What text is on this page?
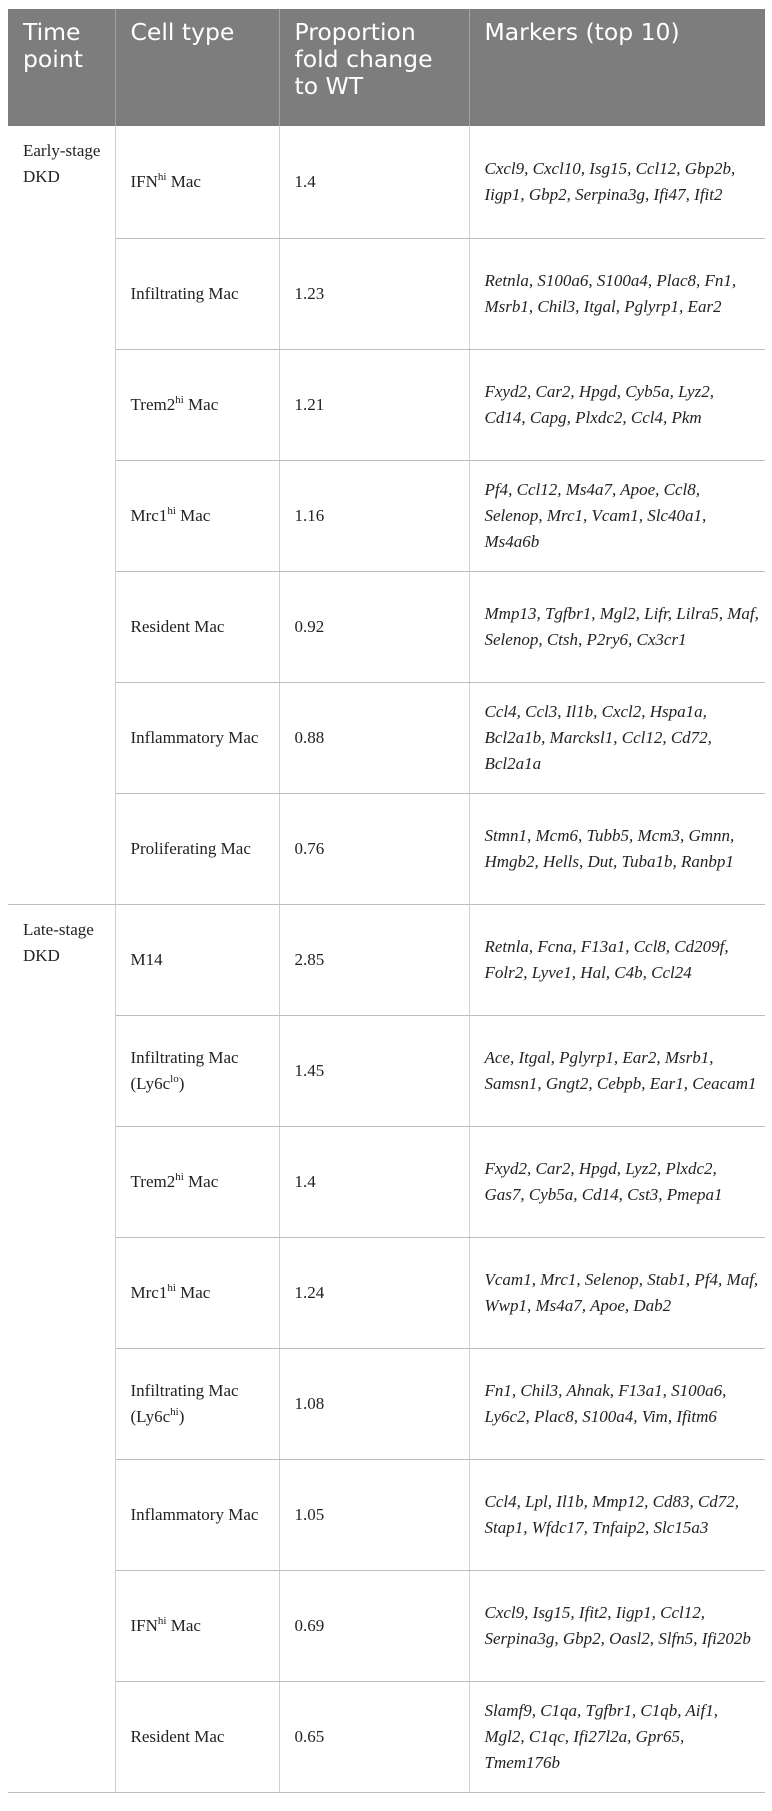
Time point	Cell type	Proportion fold change to WT	Markers (top 10)
Early-stage DKD	$IFN^{hi}$ Mac	1.4	Cxcl9, Cxcl10, Isg15, Ccl12, Gbp2b, Iigp1, Gbp2, Serpina3g, Ifi47, Ifit2
	Infiltrating Mac	1.23	Retnla, S100a6, S100a4, Plac8, Fn1, Msrb1, Chil3, Itgal, Pglyrp1, Ear2
	$Trem2^{hi}$ Mac	1.21	Fxyd2, Car2, Hpgd, Cyb5a, Lyz2, Cd14, Capg, Plxdc2, Ccl4, Pkm
	$Mrc1^{hi}$ Mac	1.16	Pf4, Ccl12, Ms4a7, Apoe, Ccl8, Selenop, Mrc1, Vcam1, Slc40a1, Ms4a6b
	Resident Mac	0.92	Mmp13, Tgfbr1, Mgl2, Lifr, Lilra5, Maf, Selenop, Ctsh, P2ry6, Cx3cr1
	Inflammatory Mac	0.88	Ccl4, Ccl3, Il1b, Cxcl2, Hspa1a, Bcl2a1b, Marcksl1, Ccl12, Cd72, Bcl2a1a
	Proliferating Mac	0.76	Stmn1, Mcm6, Tubb5, Mcm3, Gmnn, Hmgb2, Hells, Dut, Tuba1b, Ranbp1
Late-stage DKD	M14	2.85	Retnla, Fcna, F13a1, Ccl8, Cd209f, Folr2, Lyve1, Hal, C4b, Ccl24
	Infiltrating Mac $(Ly6c^{lo})$	1.45	Ace, Itgal, Pglyrp1, Ear2, Msrb1, Samsn1, Gngt2, Cebpb, Ear1, Ceacam1
	$Trem2^{hi}$ Mac	1.4	Fxyd2, Car2, Hpgd, Lyz2, Plxdc2, Gas7, Cyb5a, Cd14, Cst3, Pmepa1
	$Mrc1^{hi}$ Mac	1.24	Vcam1, Mrc1, Selenop, Stab1, Pf4, Maf, Wwp1, Ms4a7, Apoe, Dab2
	Infiltrating Mac $(Ly6c^{hi})$	1.08	Fn1, Chil3, Ahnak, F13a1, S100a6, Ly6c2, Plac8, S100a4, Vim, Ifitm6
	Inflammatory Mac	1.05	Ccl4, Lpl, Il1b, Mmp12, Cd83, Cd72, Stap1, Wfdc17, Tnfaip2, Slc15a3
	$IFN^{hi}$ Mac	0.69	Cxcl9, Isg15, Ifit2, Iigp1, Ccl12, Serpina3g, Gbp2, Oasl2, Slfn5, Ifi202b
	Resident Mac	0.65	Slamf9, C1qa, Tgfbr1, C1qb, Aif1, Mgl2, C1qc, Ifi27l2a, Gpr65, Tmem176b
